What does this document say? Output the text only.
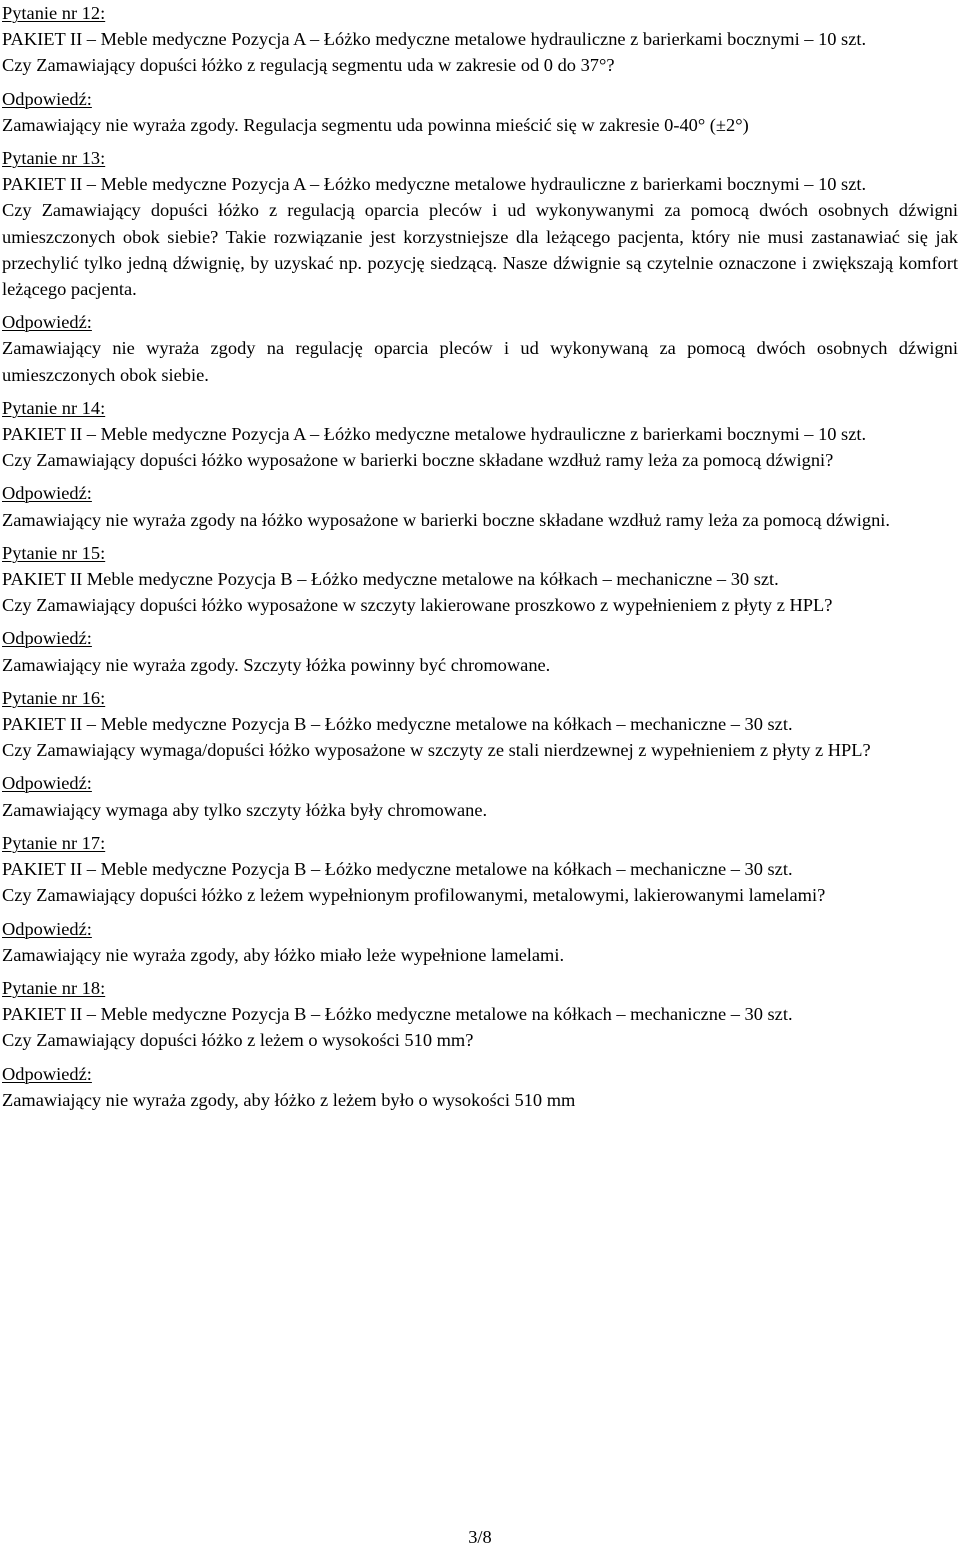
Pytanie nr 12:

PAKIET II – Meble medyczne Pozycja A – Łóżko medyczne metalowe hydrauliczne z barierkami bocznymi – 10 szt.

Czy Zamawiający dopuści łóżko z regulacją segmentu uda w zakresie od 0 do 37°?

Odpowiedź:

Zamawiający nie wyraża zgody. Regulacja segmentu uda powinna mieścić się w zakresie 0-40° (±2°)

Pytanie nr 13:

PAKIET II – Meble medyczne Pozycja A – Łóżko medyczne metalowe hydrauliczne z barierkami bocznymi – 10 szt.

Czy Zamawiający dopuści łóżko z regulacją oparcia pleców i ud wykonywanymi za pomocą dwóch osobnych dźwigni umieszczonych obok siebie? Takie rozwiązanie jest korzystniejsze dla leżącego pacjenta, który nie musi zastanawiać się jak przechylić tylko jedną dźwignię, by uzyskać np. pozycję siedzącą. Nasze dźwignie są czytelnie oznaczone i zwiększają komfort leżącego pacjenta.

Odpowiedź:

Zamawiający nie wyraża zgody na regulację oparcia pleców i ud wykonywaną za pomocą dwóch osobnych dźwigni umieszczonych obok siebie.

Pytanie nr 14:

PAKIET II – Meble medyczne Pozycja A – Łóżko medyczne metalowe hydrauliczne z barierkami bocznymi – 10 szt.

Czy Zamawiający dopuści łóżko wyposażone w barierki boczne składane wzdłuż ramy leża za pomocą dźwigni?

Odpowiedź:

Zamawiający nie wyraża zgody na łóżko wyposażone w barierki boczne składane wzdłuż ramy leża za pomocą dźwigni.

Pytanie nr 15:

PAKIET II Meble medyczne Pozycja B – Łóżko medyczne metalowe na kółkach – mechaniczne – 30 szt.

Czy Zamawiający dopuści łóżko wyposażone w szczyty lakierowane proszkowo z wypełnieniem z płyty z HPL?

Odpowiedź:

Zamawiający nie wyraża zgody. Szczyty łóżka powinny być chromowane.

Pytanie nr 16:

PAKIET II – Meble medyczne Pozycja B – Łóżko medyczne metalowe na kółkach – mechaniczne – 30 szt.

Czy Zamawiający wymaga/dopuści łóżko wyposażone w szczyty ze stali nierdzewnej z wypełnieniem z płyty z HPL?

Odpowiedź:

Zamawiający wymaga aby tylko szczyty łóżka były chromowane.

Pytanie nr 17:

PAKIET II – Meble medyczne Pozycja B – Łóżko medyczne metalowe na kółkach – mechaniczne – 30 szt.

Czy Zamawiający dopuści łóżko z leżem wypełnionym profilowanymi, metalowymi, lakierowanymi lamelami?

Odpowiedź:

Zamawiający nie wyraża zgody, aby łóżko miało leże wypełnione lamelami.

Pytanie nr 18:

PAKIET II – Meble medyczne Pozycja B – Łóżko medyczne metalowe na kółkach – mechaniczne – 30 szt.

Czy Zamawiający dopuści łóżko z leżem o wysokości 510 mm?

Odpowiedź:

Zamawiający nie wyraża zgody, aby łóżko z leżem było o wysokości 510 mm

3/8
